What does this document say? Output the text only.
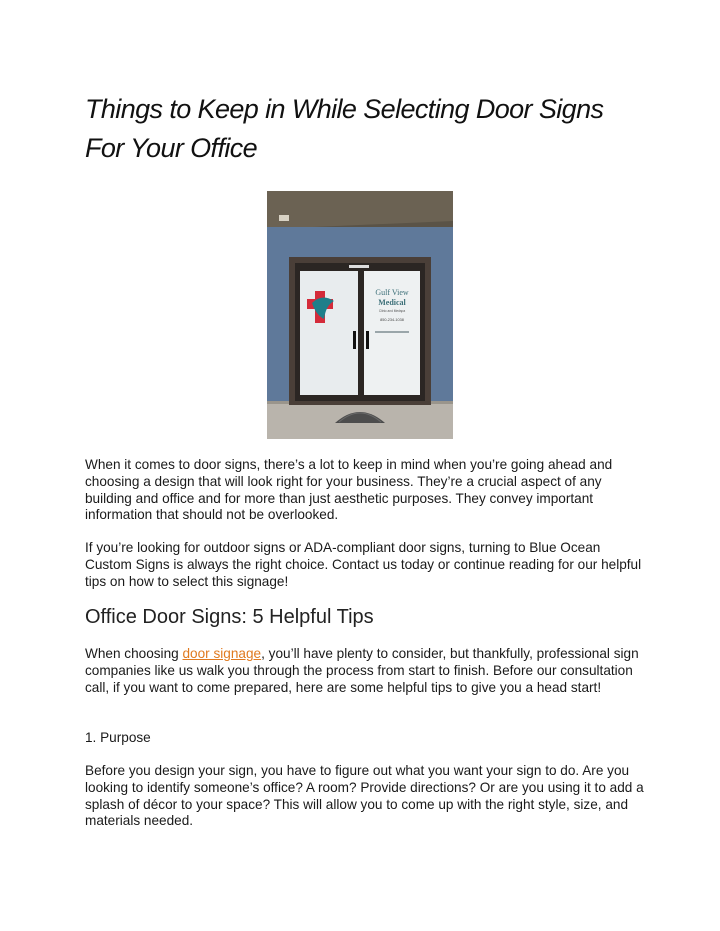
Things to Keep in While Selecting Door Signs
For Your Office
Gulf View
Medical
Clinic and Medspa
850-234-1038
When it comes to door signs, there’s a lot to keep in mind when you’re going ahead and choosing a design that will look right for your business. They’re a crucial aspect of any building and office and for more than just aesthetic purposes. They convey important information that should not be overlooked.
If you’re looking for outdoor signs or ADA-compliant door signs, turning to Blue Ocean Custom Signs is always the right choice. Contact us today or continue reading for our helpful tips on how to select this signage!
Office Door Signs: 5 Helpful Tips
When choosing door signage, you’ll have plenty to consider, but thankfully, professional sign companies like us walk you through the process from start to finish. Before our consultation call, if you want to come prepared, here are some helpful tips to give you a head start!
1. Purpose
Before you design your sign, you have to figure out what you want your sign to do. Are you looking to identify someone’s office? A room? Provide directions? Or are you using it to add a splash of décor to your space? This will allow you to come up with the right style, size, and materials needed.
